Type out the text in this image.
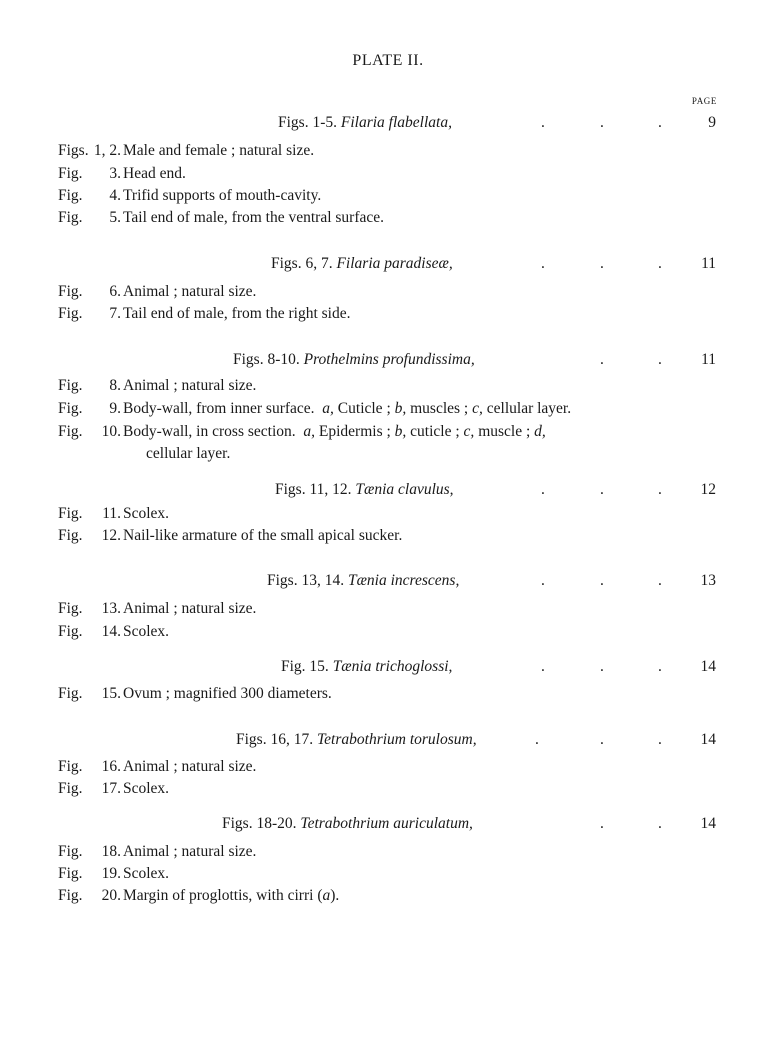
PLATE II.
PAGE
Figs. 1-5. Filaria flabellata,	.	.	.	9
Figs. 1, 2. Male and female ; natural size.
Fig. 3. Head end.
Fig. 4. Trifid supports of mouth-cavity.
Fig. 5. Tail end of male, from the ventral surface.
Figs. 6, 7. Filaria paradiseæ,	.	.	.	11
Fig. 6. Animal ; natural size.
Fig. 7. Tail end of male, from the right side.
Figs. 8-10. Prothelmins profundissima,	.	.	11
Fig. 8. Animal ; natural size.
Fig. 9. Body-wall, from inner surface. a, Cuticle ; b, muscles ; c, cellular layer.
Fig. 10. Body-wall, in cross section. a, Epidermis ; b, cuticle ; c, muscle ; d,
cellular layer.
Figs. 11, 12. Tænia clavulus,	.	.	. 12
Fig. 11. Scolex.
Fig. 12. Nail-like armature of the small apical sucker.
Figs. 13, 14. Tænia increscens,	.	.	. 13
Fig. 13. Animal ; natural size.
Fig. 14. Scolex.
Fig. 15. Tænia trichoglossi,	.	.	. 14
Fig. 15. Ovum ; magnified 300 diameters.
Figs. 16, 17. Tetrabothrium torulosum,	.	.	. 14
Fig. 16. Animal ; natural size.
Fig. 17. Scolex.
Figs. 18-20. Tetrabothrium auriculatum,	.	. 14
Fig. 18. Animal ; natural size.
Fig. 19. Scolex.
Fig. 20. Margin of proglottis, with cirri (a).
